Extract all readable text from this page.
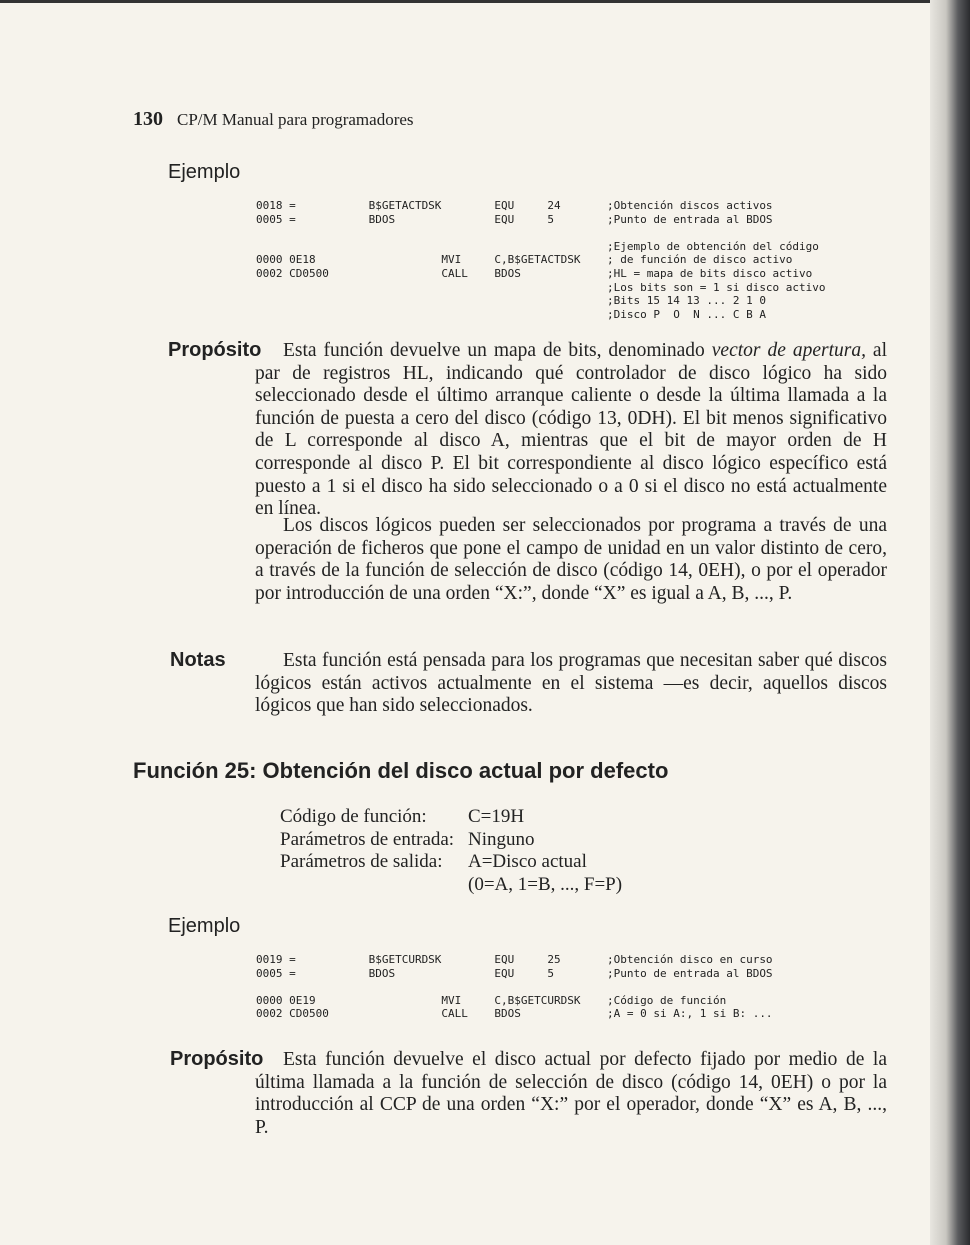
130 CP/M Manual para programadores
Ejemplo
0018 =           B$GETACTDSK        EQU     24       ;Obtención discos activos
0005 =           BDOS               EQU     5        ;Punto de entrada al BDOS

;Ejemplo de obtención del código
0000 0E18                   MVI     C,B$GETACTDSK    ; de función de disco activo
0002 CD0500                 CALL    BDOS             ;HL = mapa de bits disco activo
;Los bits son = 1 si disco activo
;Bits 15 14 13 ... 2 1 0
;Disco P  O  N ... C B A
Propósito	Esta función devuelve un mapa de bits, denominado vector de apertura, al par de registros HL, indicando qué controlador de disco lógico ha sido seleccionado desde el último arranque caliente o desde la última llamada a la función de puesta a cero del disco (código 13, 0DH). El bit menos significativo de L corresponde al disco A, mientras que el bit de mayor orden de H corresponde al disco P. El bit correspondiente al disco lógico específico está puesto a 1 si el disco ha sido seleccionado o a 0 si el disco no está actualmente en línea.

Los discos lógicos pueden ser seleccionados por programa a través de una operación de ficheros que pone el campo de unidad en un valor distinto de cero, a través de la función de selección de disco (código 14, 0EH), o por el operador por introducción de una orden “X:”, donde “X” es igual a A, B, ..., P.

Notas	Esta función está pensada para los programas que necesitan saber qué discos lógicos están activos actualmente en el sistema —es decir, aquellos discos lógicos que han sido seleccionados.

Función 25: Obtención del disco actual por defecto
Código de función:	C=19H
Parámetros de entrada:	Ninguno
Parámetros de salida:	A=Disco actual
	(0=A, 1=B, ..., F=P)
Ejemplo
0019 =           B$GETCURDSK        EQU     25       ;Obtención disco en curso
0005 =           BDOS               EQU     5        ;Punto de entrada al BDOS

0000 0E19                   MVI     C,B$GETCURDSK    ;Código de función
0002 CD0500                 CALL    BDOS             ;A = 0 si A:, 1 si B: ...
Propósito	Esta función devuelve el disco actual por defecto fijado por medio de la última llamada a la función de selección de disco (código 14, 0EH) o por la introducción al CCP de una orden “X:” por el operador, donde “X” es A, B, ..., P.
